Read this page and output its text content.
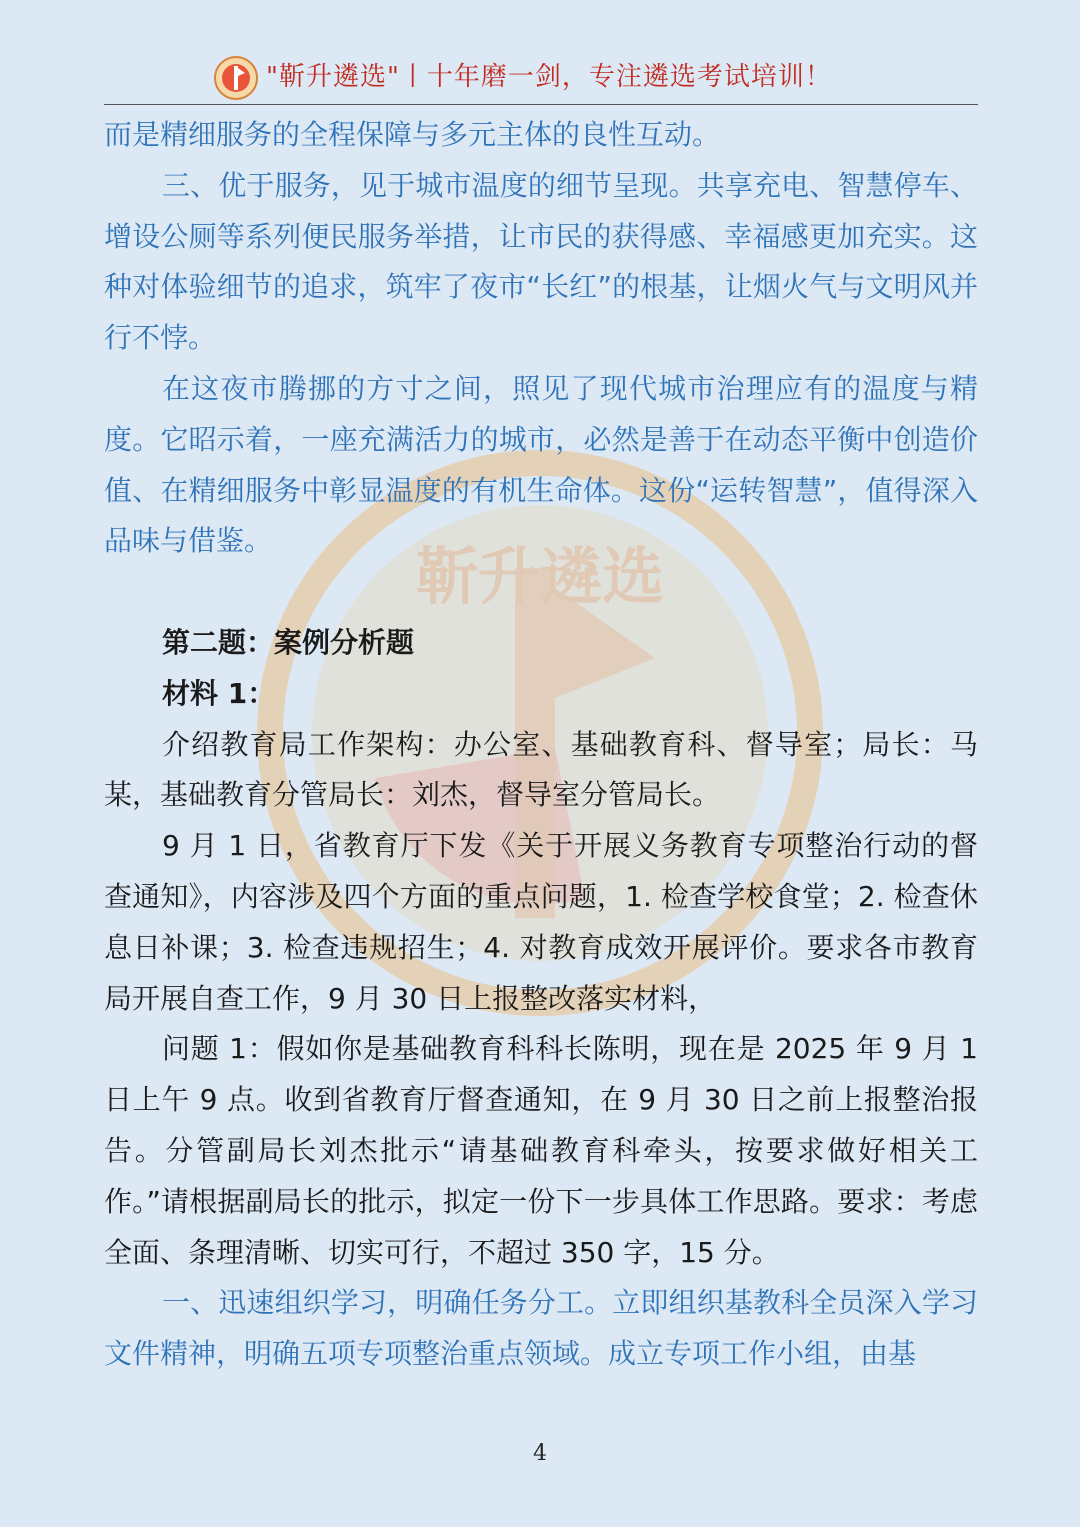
靳升遴选
"靳升遴选"丨十年磨一剑，专注遴选考试培训！

而是精细服务的全程保障与多元主体的良性互动。

三、优于服务，见于城市温度的细节呈现。共享充电、智慧停车、增设公厕等系列便民服务举措，让市民的获得感、幸福感更加充实。这种对体验细节的追求，筑牢了夜市“长红”的根基，让烟火气与文明风并行不悖。

在这夜市腾挪的方寸之间，照见了现代城市治理应有的温度与精度。它昭示着，一座充满活力的城市，必然是善于在动态平衡中创造价值、在精细服务中彰显温度的有机生命体。这份“运转智慧”，值得深入品味与借鉴。

第二题：案例分析题

材料 1：

介绍教育局工作架构：办公室、基础教育科、督导室；局长：马某，基础教育分管局长：刘杰，督导室分管局长。

9 月 1 日，省教育厅下发《关于开展义务教育专项整治行动的督查通知》，内容涉及四个方面的重点问题，1. 检查学校食堂；2. 检查休息日补课；3. 检查违规招生；4. 对教育成效开展评价。要求各市教育局开展自查工作，9 月 30 日上报整改落实材料，

问题 1：假如你是基础教育科科长陈明，现在是 2025 年 9 月 1 日上午 9 点。收到省教育厅督查通知，在 9 月 30 日之前上报整治报告。分管副局长刘杰批示“请基础教育科牵头，按要求做好相关工作。”请根据副局长的批示，拟定一份下一步具体工作思路。要求：考虑全面、条理清晰、切实可行，不超过 350 字，15 分。

一、迅速组织学习，明确任务分工。立即组织基教科全员深入学习文件精神，明确五项专项整治重点领域。成立专项工作小组，由基

4
